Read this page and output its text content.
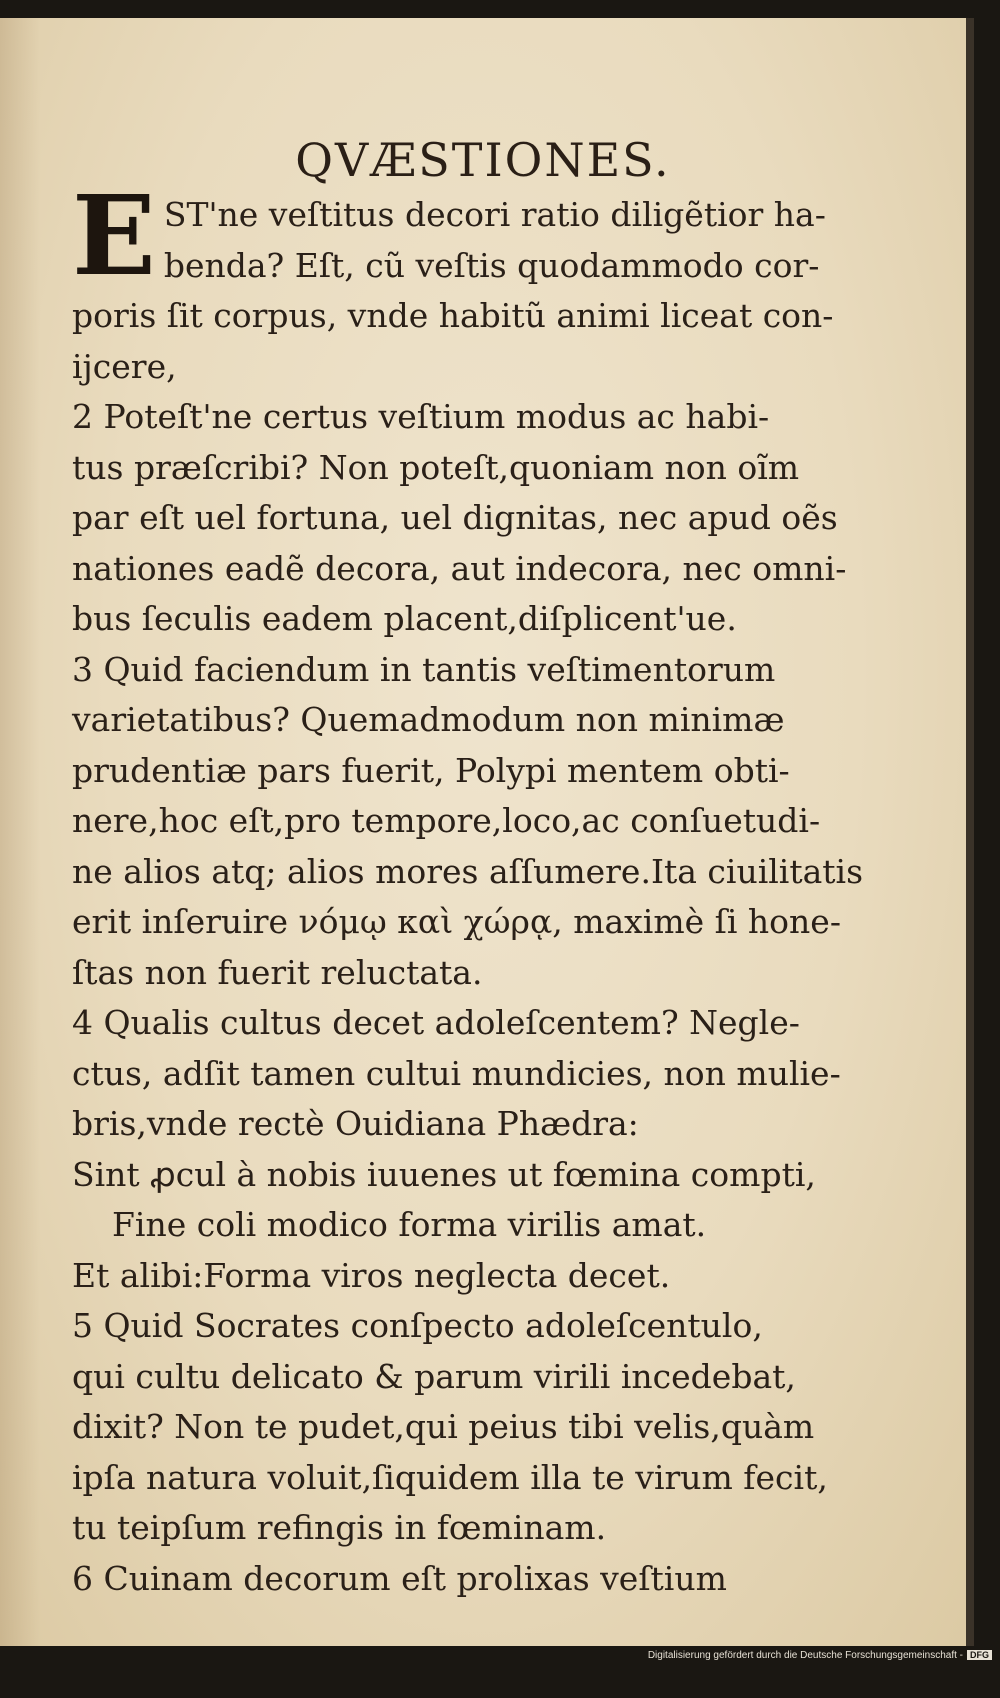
QVÆSTIONES.
E ST'ne veſtitus decori ratio diligẽtior ha-
benda? Eſt, cũ veſtis quodammodo cor-
poris ſit corpus, vnde habitũ animi liceat con-
ijcere,
2 Poteſt'ne certus veſtium modus ac habi-
tus præſcribi? Non poteſt,quoniam non oĩm
par eſt uel fortuna, uel dignitas, nec apud oẽs
nationes eadẽ decora, aut indecora, nec omni-
bus ſeculis eadem placent,diſplicent'ue.
3 Quid faciendum in tantis veſtimentorum
varietatibus? Quemadmodum non minimæ
prudentiæ pars fuerit, Polypi mentem obti-
nere,hoc eſt,pro tempore,loco,ac conſuetudi-
ne alios atq; alios mores aſſumere.Ita ciuilitatis
erit inſeruire νόμῳ καὶ χώρᾳ, maximè ſi hone-
ſtas non fuerit reluctata.
4 Qualis cultus decet adoleſcentem? Negle-
ctus, adſit tamen cultui mundicies, non mulie-
bris,vnde rectè Ouidiana Phædra:
Sint ꝓcul à nobis iuuenes ut fœmina compti,
Fine coli modico forma virilis amat.
Et alibi:Forma viros neglecta decet.
5 Quid Socrates conſpecto adoleſcentulo,
qui cultu delicato & parum virili incedebat,
dixit? Non te pudet,qui peius tibi velis,quàm
ipſa natura voluit,ſiquidem illa te virum fecit,
tu teipſum refingis in fœminam.
6 Cuinam decorum eſt prolixas veſtium
Digitalisierung gefördert durch die Deutsche Forschungsgemeinschaft - DFG
